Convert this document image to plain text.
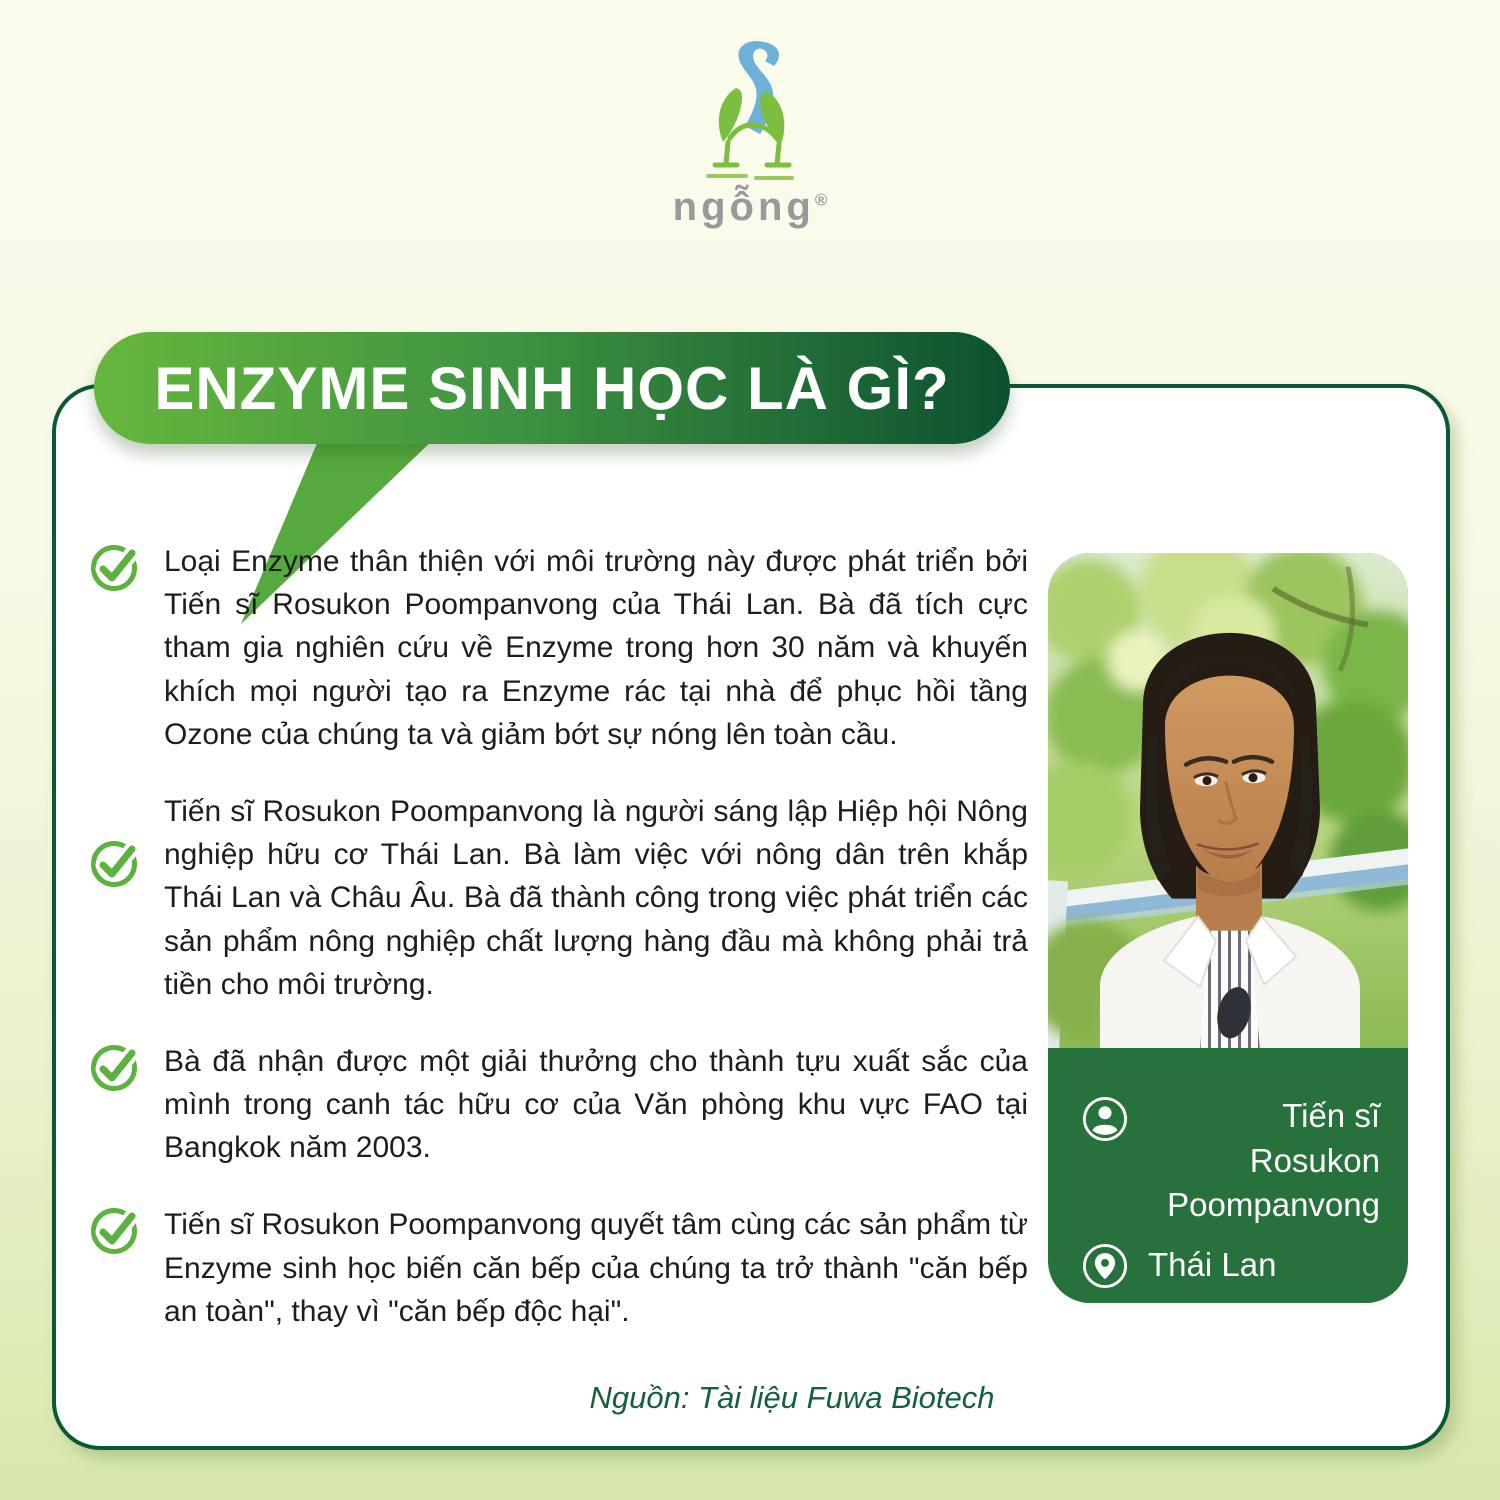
ngỗng®
ENZYME SINH HỌC LÀ GÌ?

Loại Enzyme thân thiện với môi trường này được phát triển bởi Tiến sĩ Rosukon Poompanvong của Thái Lan. Bà đã tích cực tham gia nghiên cứu về Enzyme trong hơn 30 năm và khuyến khích mọi người tạo ra Enzyme rác tại nhà để phục hồi tầng Ozone của chúng ta và giảm bớt sự nóng lên toàn cầu.

Tiến sĩ Rosukon Poompanvong là người sáng lập Hiệp hội Nông nghiệp hữu cơ Thái Lan. Bà làm việc với nông dân trên khắp Thái Lan và Châu Âu. Bà đã thành công trong việc phát triển các sản phẩm nông nghiệp chất lượng hàng đầu mà không phải trả tiền cho môi trường.

Bà đã nhận được một giải thưởng cho thành tựu xuất sắc của mình trong canh tác hữu cơ của Văn phòng khu vực FAO tại Bangkok năm 2003.

Tiến sĩ Rosukon Poompanvong quyết tâm cùng các sản phẩm từ Enzyme sinh học biến căn bếp của chúng ta trở thành "căn bếp an toàn", thay vì "căn bếp độc hại".

Tiến sĩ Rosukon Poompanvong
Thái Lan
Nguồn: Tài liệu Fuwa Biotech
